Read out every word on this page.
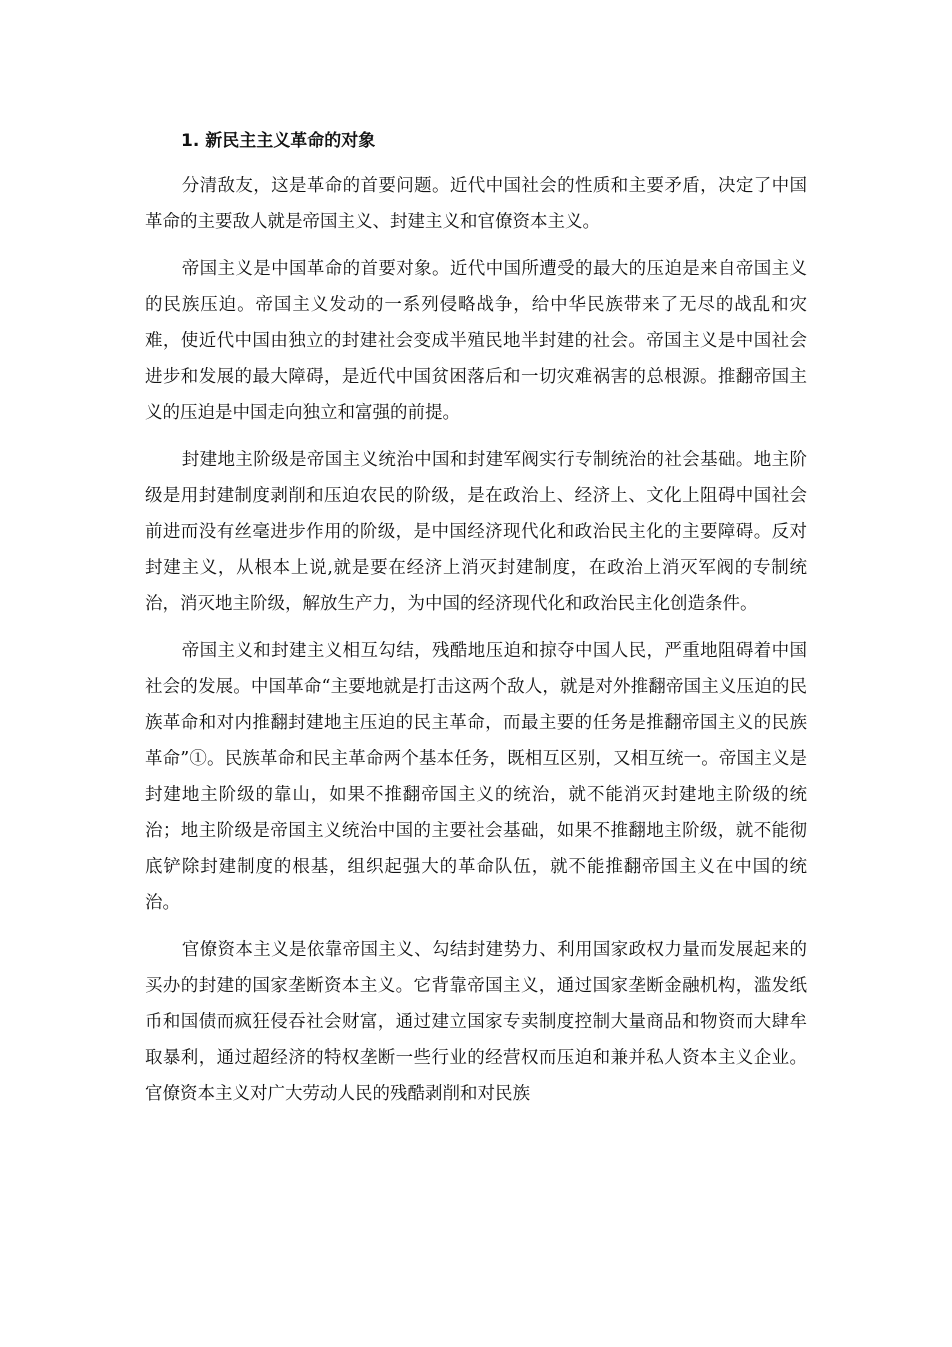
1. 新民主主义革命的对象

分清敌友，这是革命的首要问题。近代中国社会的性质和主要矛盾，决定了中国革命的主要敌人就是帝国主义、封建主义和官僚资本主义。

帝国主义是中国革命的首要对象。近代中国所遭受的最大的压迫是来自帝国主义的民族压迫。帝国主义发动的一系列侵略战争，给中华民族带来了无尽的战乱和灾难，使近代中国由独立的封建社会变成半殖民地半封建的社会。帝国主义是中国社会进步和发展的最大障碍，是近代中国贫困落后和一切灾难祸害的总根源。推翻帝国主义的压迫是中国走向独立和富强的前提。

封建地主阶级是帝国主义统治中国和封建军阀实行专制统治的社会基础。地主阶级是用封建制度剥削和压迫农民的阶级，是在政治上、经济上、文化上阻碍中国社会前进而没有丝毫进步作用的阶级，是中国经济现代化和政治民主化的主要障碍。反对封建主义，从根本上说,就是要在经济上消灭封建制度，在政治上消灭军阀的专制统治，消灭地主阶级，解放生产力，为中国的经济现代化和政治民主化创造条件。

帝国主义和封建主义相互勾结，残酷地压迫和掠夺中国人民，严重地阻碍着中国社会的发展。中国革命“主要地就是打击这两个敌人，就是对外推翻帝国主义压迫的民族革命和对内推翻封建地主压迫的民主革命，而最主要的任务是推翻帝国主义的民族革命”①。民族革命和民主革命两个基本任务，既相互区别，又相互统一。帝国主义是封建地主阶级的靠山，如果不推翻帝国主义的统治，就不能消灭封建地主阶级的统治；地主阶级是帝国主义统治中国的主要社会基础，如果不推翻地主阶级，就不能彻底铲除封建制度的根基，组织起强大的革命队伍，就不能推翻帝国主义在中国的统治。

官僚资本主义是依靠帝国主义、勾结封建势力、利用国家政权力量而发展起来的买办的封建的国家垄断资本主义。它背靠帝国主义，通过国家垄断金融机构，滥发纸币和国债而疯狂侵吞社会财富，通过建立国家专卖制度控制大量商品和物资而大肆牟取暴利，通过超经济的特权垄断一些行业的经营权而压迫和兼并私人资本主义企业。官僚资本主义对广大劳动人民的残酷剥削和对民族
